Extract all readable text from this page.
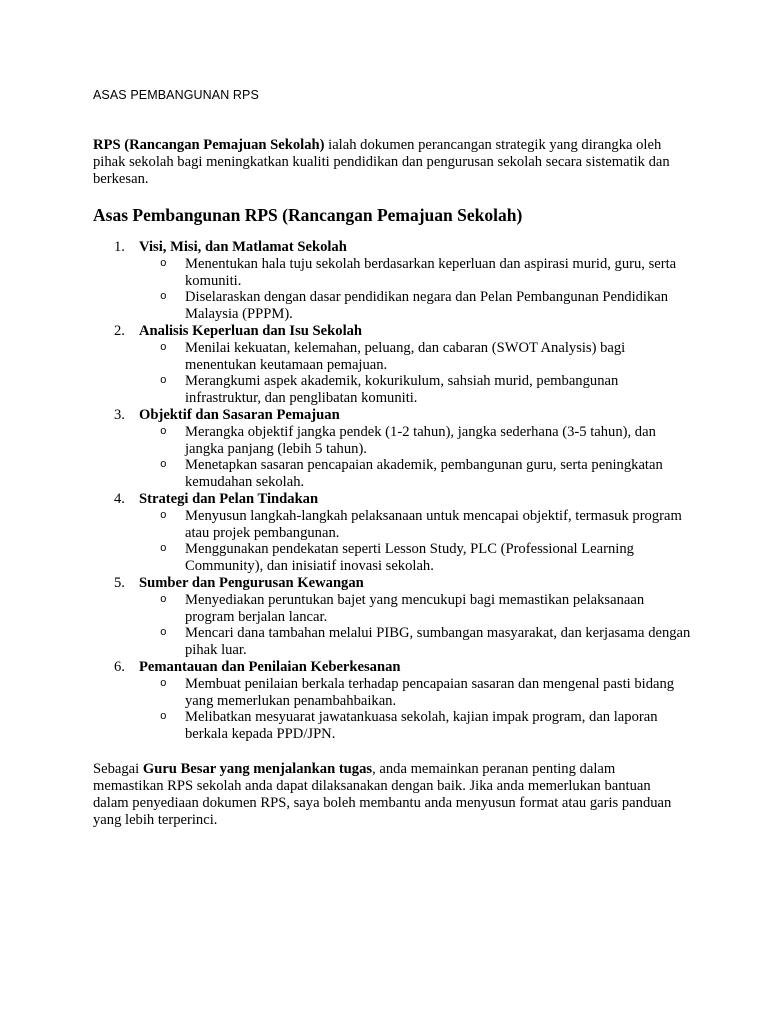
ASAS PEMBANGUNAN RPS

RPS (Rancangan Pemajuan Sekolah) ialah dokumen perancangan strategik yang dirangka oleh pihak sekolah bagi meningkatkan kualiti pendidikan dan pengurusan sekolah secara sistematik dan berkesan.

Asas Pembangunan RPS (Rancangan Pemajuan Sekolah)
1. Visi, Misi, dan Matlamat Sekolah
o Menentukan hala tuju sekolah berdasarkan keperluan dan aspirasi murid, guru, serta komuniti.
o Diselaraskan dengan dasar pendidikan negara dan Pelan Pembangunan Pendidikan Malaysia (PPPM).
2. Analisis Keperluan dan Isu Sekolah
o Menilai kekuatan, kelemahan, peluang, dan cabaran (SWOT Analysis) bagi menentukan keutamaan pemajuan.
o Merangkumi aspek akademik, kokurikulum, sahsiah murid, pembangunan infrastruktur, dan penglibatan komuniti.
3. Objektif dan Sasaran Pemajuan
o Merangka objektif jangka pendek (1-2 tahun), jangka sederhana (3-5 tahun), dan jangka panjang (lebih 5 tahun).
o Menetapkan sasaran pencapaian akademik, pembangunan guru, serta peningkatan kemudahan sekolah.
4. Strategi dan Pelan Tindakan
o Menyusun langkah-langkah pelaksanaan untuk mencapai objektif, termasuk program atau projek pembangunan.
o Menggunakan pendekatan seperti Lesson Study, PLC (Professional Learning Community), dan inisiatif inovasi sekolah.
5. Sumber dan Pengurusan Kewangan
o Menyediakan peruntukan bajet yang mencukupi bagi memastikan pelaksanaan program berjalan lancar.
o Mencari dana tambahan melalui PIBG, sumbangan masyarakat, dan kerjasama dengan pihak luar.
6. Pemantauan dan Penilaian Keberkesanan
o Membuat penilaian berkala terhadap pencapaian sasaran dan mengenal pasti bidang yang memerlukan penambahbaikan.
o Melibatkan mesyuarat jawatankuasa sekolah, kajian impak program, dan laporan berkala kepada PPD/JPN.

Sebagai Guru Besar yang menjalankan tugas, anda memainkan peranan penting dalam memastikan RPS sekolah anda dapat dilaksanakan dengan baik. Jika anda memerlukan bantuan dalam penyediaan dokumen RPS, saya boleh membantu anda menyusun format atau garis panduan yang lebih terperinci.
